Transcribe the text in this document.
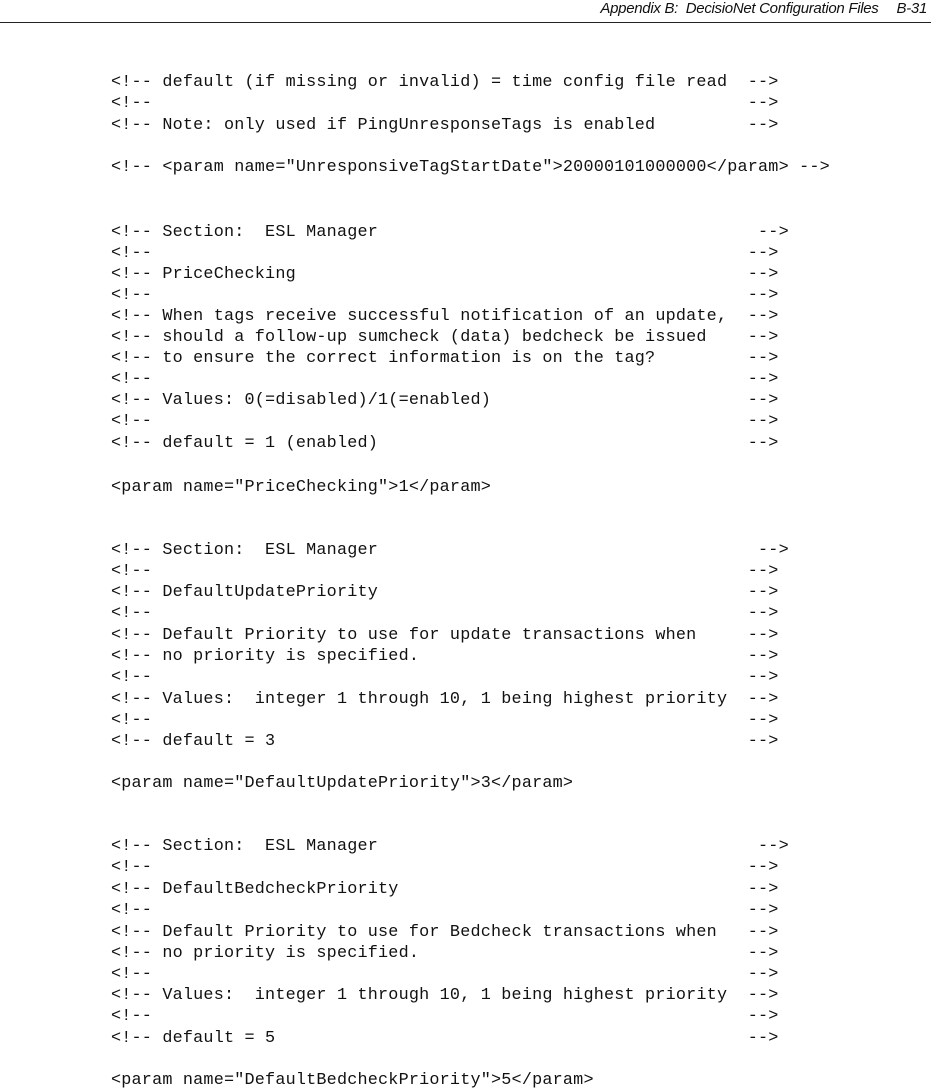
Appendix B:  DecisioNet Configuration Files B-31
<!-- default (if missing or invalid) = time config file read  -->
<!--                                                          -->
<!-- Note: only used if PingUnresponseTags is enabled         -->
<!-- <param name="UnresponsiveTagStartDate">20000101000000</param> -->
<!-- Section:  ESL Manager                                     -->
<!--                                                          -->
<!-- PriceChecking                                            -->
<!--                                                          -->
<!-- When tags receive successful notification of an update,  -->
<!-- should a follow-up sumcheck (data) bedcheck be issued    -->
<!-- to ensure the correct information is on the tag?         -->
<!--                                                          -->
<!-- Values: 0(=disabled)/1(=enabled)                         -->
<!--                                                          -->
<!-- default = 1 (enabled)                                    -->
<param name="PriceChecking">1</param>
<!-- Section:  ESL Manager                                     -->
<!--                                                          -->
<!-- DefaultUpdatePriority                                    -->
<!--                                                          -->
<!-- Default Priority to use for update transactions when     -->
<!-- no priority is specified.                                -->
<!--                                                          -->
<!-- Values:  integer 1 through 10, 1 being highest priority  -->
<!--                                                          -->
<!-- default = 3                                              -->
<param name="DefaultUpdatePriority">3</param>
<!-- Section:  ESL Manager                                     -->
<!--                                                          -->
<!-- DefaultBedcheckPriority                                  -->
<!--                                                          -->
<!-- Default Priority to use for Bedcheck transactions when   -->
<!-- no priority is specified.                                -->
<!--                                                          -->
<!-- Values:  integer 1 through 10, 1 being highest priority  -->
<!--                                                          -->
<!-- default = 5                                              -->
<param name="DefaultBedcheckPriority">5</param>
